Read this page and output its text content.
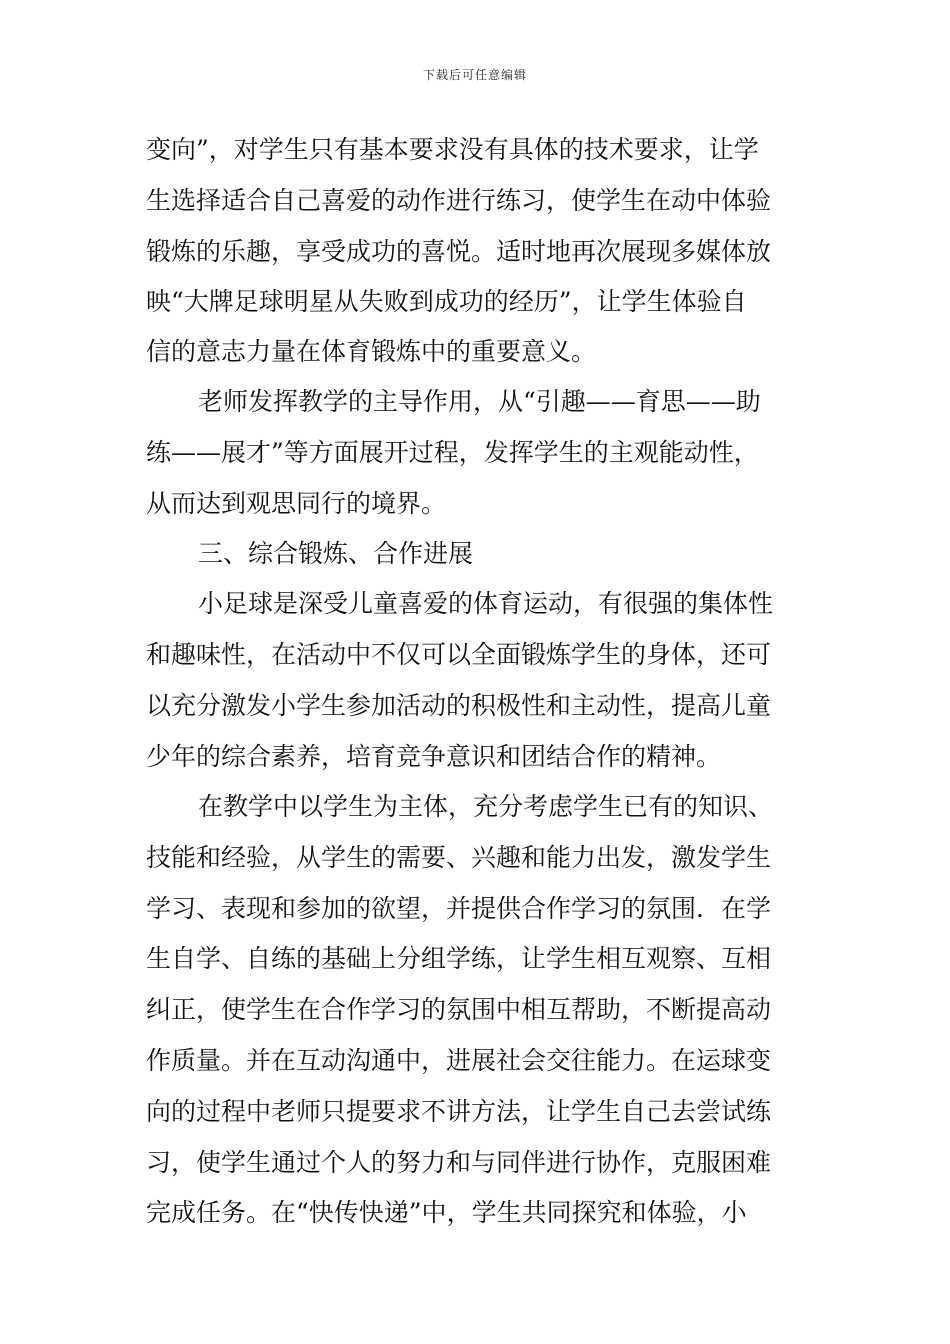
下载后可任意编辑
变向”，对学生只有基本要求没有具体的技术要求，让学
生选择适合自己喜爱的动作进行练习，使学生在动中体验
锻炼的乐趣，享受成功的喜悦。适时地再次展现多媒体放
映“大牌足球明星从失败到成功的经历”，让学生体验自
信的意志力量在体育锻炼中的重要意义。
老师发挥教学的主导作用，从“引趣——育思——助
练——展才”等方面展开过程，发挥学生的主观能动性，
从而达到观思同行的境界。
三、综合锻炼、合作进展
小足球是深受儿童喜爱的体育运动，有很强的集体性
和趣味性，在活动中不仅可以全面锻炼学生的身体，还可
以充分激发小学生参加活动的积极性和主动性，提高儿童
少年的综合素养，培育竞争意识和团结合作的精神。
在教学中以学生为主体，充分考虑学生已有的知识、
技能和经验，从学生的需要、兴趣和能力出发，激发学生
学习、表现和参加的欲望，并提供合作学习的氛围．在学
生自学、自练的基础上分组学练，让学生相互观察、互相
纠正，使学生在合作学习的氛围中相互帮助，不断提高动
作质量。并在互动沟通中，进展社会交往能力。在运球变
向的过程中老师只提要求不讲方法，让学生自己去尝试练
习，使学生通过个人的努力和与同伴进行协作，克服困难
完成任务。在“快传快递”中，学生共同探究和体验，小
